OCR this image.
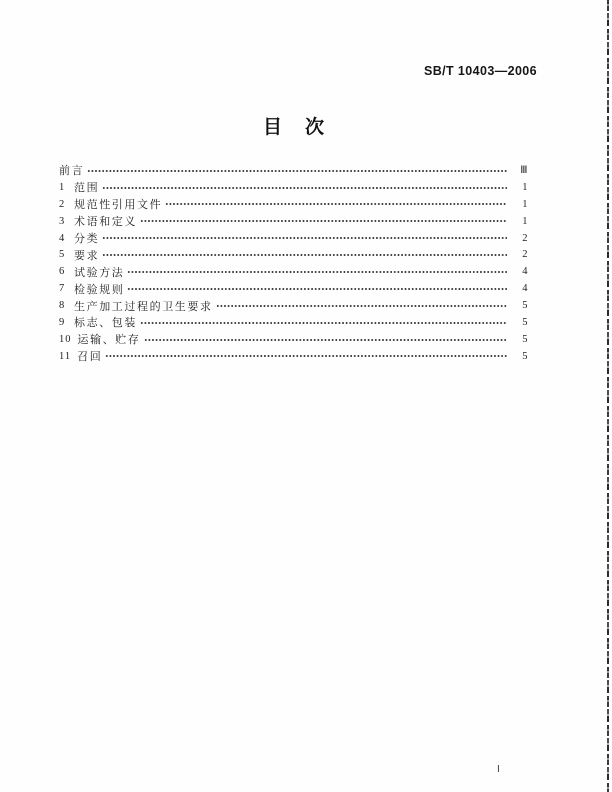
SB/T 10403—2006
目 次
前言	Ⅲ
1 范围	1
2 规范性引用文件	1
3 术语和定义	1
4 分类	2
5 要求	2
6 试验方法	4
7 检验规则	4
8 生产加工过程的卫生要求	5
9 标志、包装	5
10 运输、贮存	5
11 召回	5
Ⅰ
